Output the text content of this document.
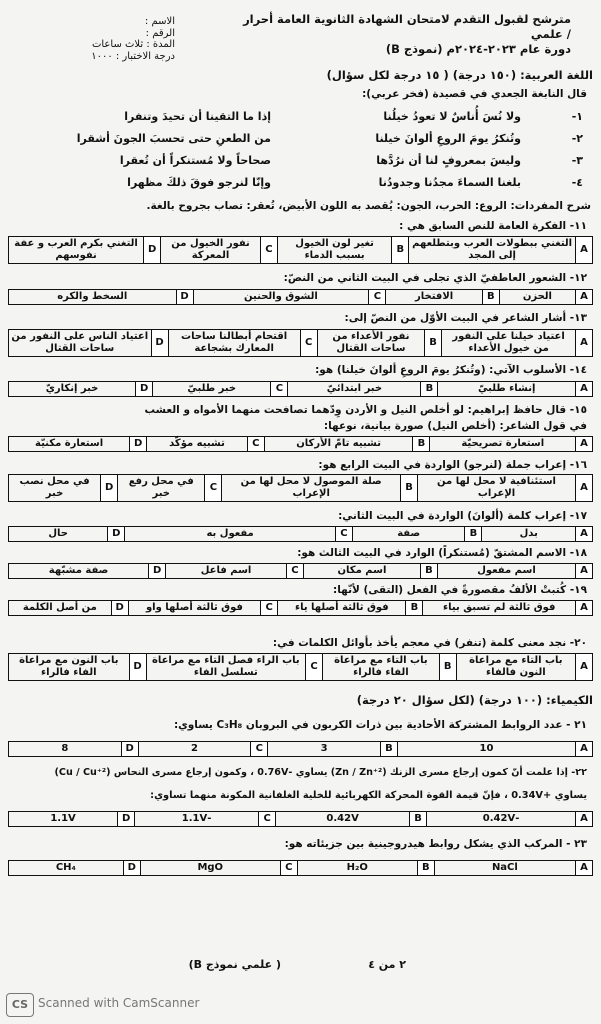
مترشح لقبول التقدم لامتحان الشهادة الثانوية العامة أحرار / علمي
دورة عام ٢٠٢٣-٢٠٢٤م (نموذج B)
الاسم :
الرقم :
المدة : ثلاث ساعات
درجة الاختبار : ١٠٠٠
اللغة العربية: (١٥٠ درجة) ( ١٥ درجة لكل سؤال)
قال النابغة الجعدي في قصيدة (فخر عربي):
١-
ولا نُسَ أُناسٌ لا تعودُ خيلُنا
إذا ما التقينا أن تحيدَ وتنفرا
٢-
وتُنكرُ يومَ الروعِ ألوانَ خيلنا
من الطعنِ حتى تحسبَ الجونَ أشقرا
٣-
وليسَ بمعروفٍ لنا أن نرُدَّها
صحاحاً ولا مُستنكراً أن تُعقرا
٤-
بلغنا السماءَ مجدُنا وجدودُنا
وإنّا لنرجو فوقَ ذلكَ مظهرا
شرح المفردات: الروع: الحرب، الجون: يُقصد به اللون الأبيض، تُعقر: تصاب بجروح بالغة.
١١- الفكرة العامة للنص السابق هي :
A	التغني ببطولات العرب وبتطلعهم إلى المجد	B	تغير لون الخيول بسبب الدماء	C	نفور الخيول من المعركة	D	التغني بكرم العرب و عفة نفوسهم
١٢- الشعور العاطفيّ الذي تجلى في البيت الثاني من النصّ:
A	الحزن	B	الافتخار	C	الشوق والحنين	D	السخط والكره
١٣- أشار الشاعر في البيت الأوّل من النصّ إلى:
A	اعتياد خيلنا على النفور من خيول الأعداء	B	نفور الأعداء من ساحات القتال	C	اقتحام أبطالنا ساحات المعارك بشجاعة	D	اعتياد الناس على النفور من ساحات القتال
١٤- الأسلوب الآتي: (وتُنكرُ يومَ الروعِ ألوانَ خيلنا) هو:
A	إنشاء طلبيّ	B	خبر ابتدائيّ	C	خبر طلبيّ	D	خبر إنكاريّ
١٥- قال حافظ إبراهيم: لو أخلص النيل و الأردن وِدّهما تصافحت منهما الأمواه و العشب
في قول الشاعر: (أخلص النيل) صورة بيانية، نوعها:
A	استعارة تصريحيّة	B	تشبيه تامّ الأركان	C	تشبيه مؤكّد	D	استعارة مكنيّة
١٦- إعراب جملة (لنرجو) الواردة في البيت الرابع هو:
A	استئنافية لا محل لها من الإعراب	B	صلة الموصول لا محل لها من الإعراب	C	في محل رفع خبر	D	في محل نصب خبر
١٧- إعراب كلمة (ألوانَ) الواردة في البيت الثاني:
A	بدل	B	صفة	C	مفعول به	D	حال
١٨- الاسم المشتقّ (مُستنكراً) الوارد في البيت الثالث هو:
A	اسم مفعول	B	اسم مكان	C	اسم فاعل	D	صفة مشبّهة
١٩- كُتبتْ الألفُ مقصورةً في الفعل (التقى) لأنّها:
A	فوق ثالثة لم تسبق بياء	B	فوق ثالثة أصلها ياء	C	فوق ثالثة أصلها واو	D	من أصل الكلمة
٢٠- نجد معنى كلمة (تنفر) في معجم يأخذ بأوائل الكلمات في:
A	باب التاء مع مراعاة النون فالفاء	B	باب التاء مع مراعاة الفاء فالراء	C	باب الراء فصل التاء مع مراعاة تسلسل الفاء	D	باب النون مع مراعاة الفاء فالراء
الكيمياء: (١٠٠ درجة) (لكل سؤال ٢٠ درجة)
٢١ - عدد الروابط المشتركة الأحادية بين ذرات الكربون في البروبان C₃H₈ يساوي:
A	10	B	3	C	2	D	8
٢٢- إذا علمت أنّ كمون إرجاع مسرى الزنك (Zn / Zn⁺²) يساوي -0.76V ، وكمون إرجاع مسرى النحاس (Cu / Cu⁺²)
يساوي +0.34V ، فإنّ قيمة القوة المحركة الكهربائية للخلية الغلفانية المكونة منهما تساوي:
A	-0.42V	B	0.42V	C	-1.1V	D	1.1V
٢٣ - المركب الذي يشكل روابط هيدروجينية بين جزيئاته هو:
A	NaCl	B	H₂O	C	MgO	D	CH₄
٢ من ٤
( علمي نموذج B)
CS Scanned with CamScanner
